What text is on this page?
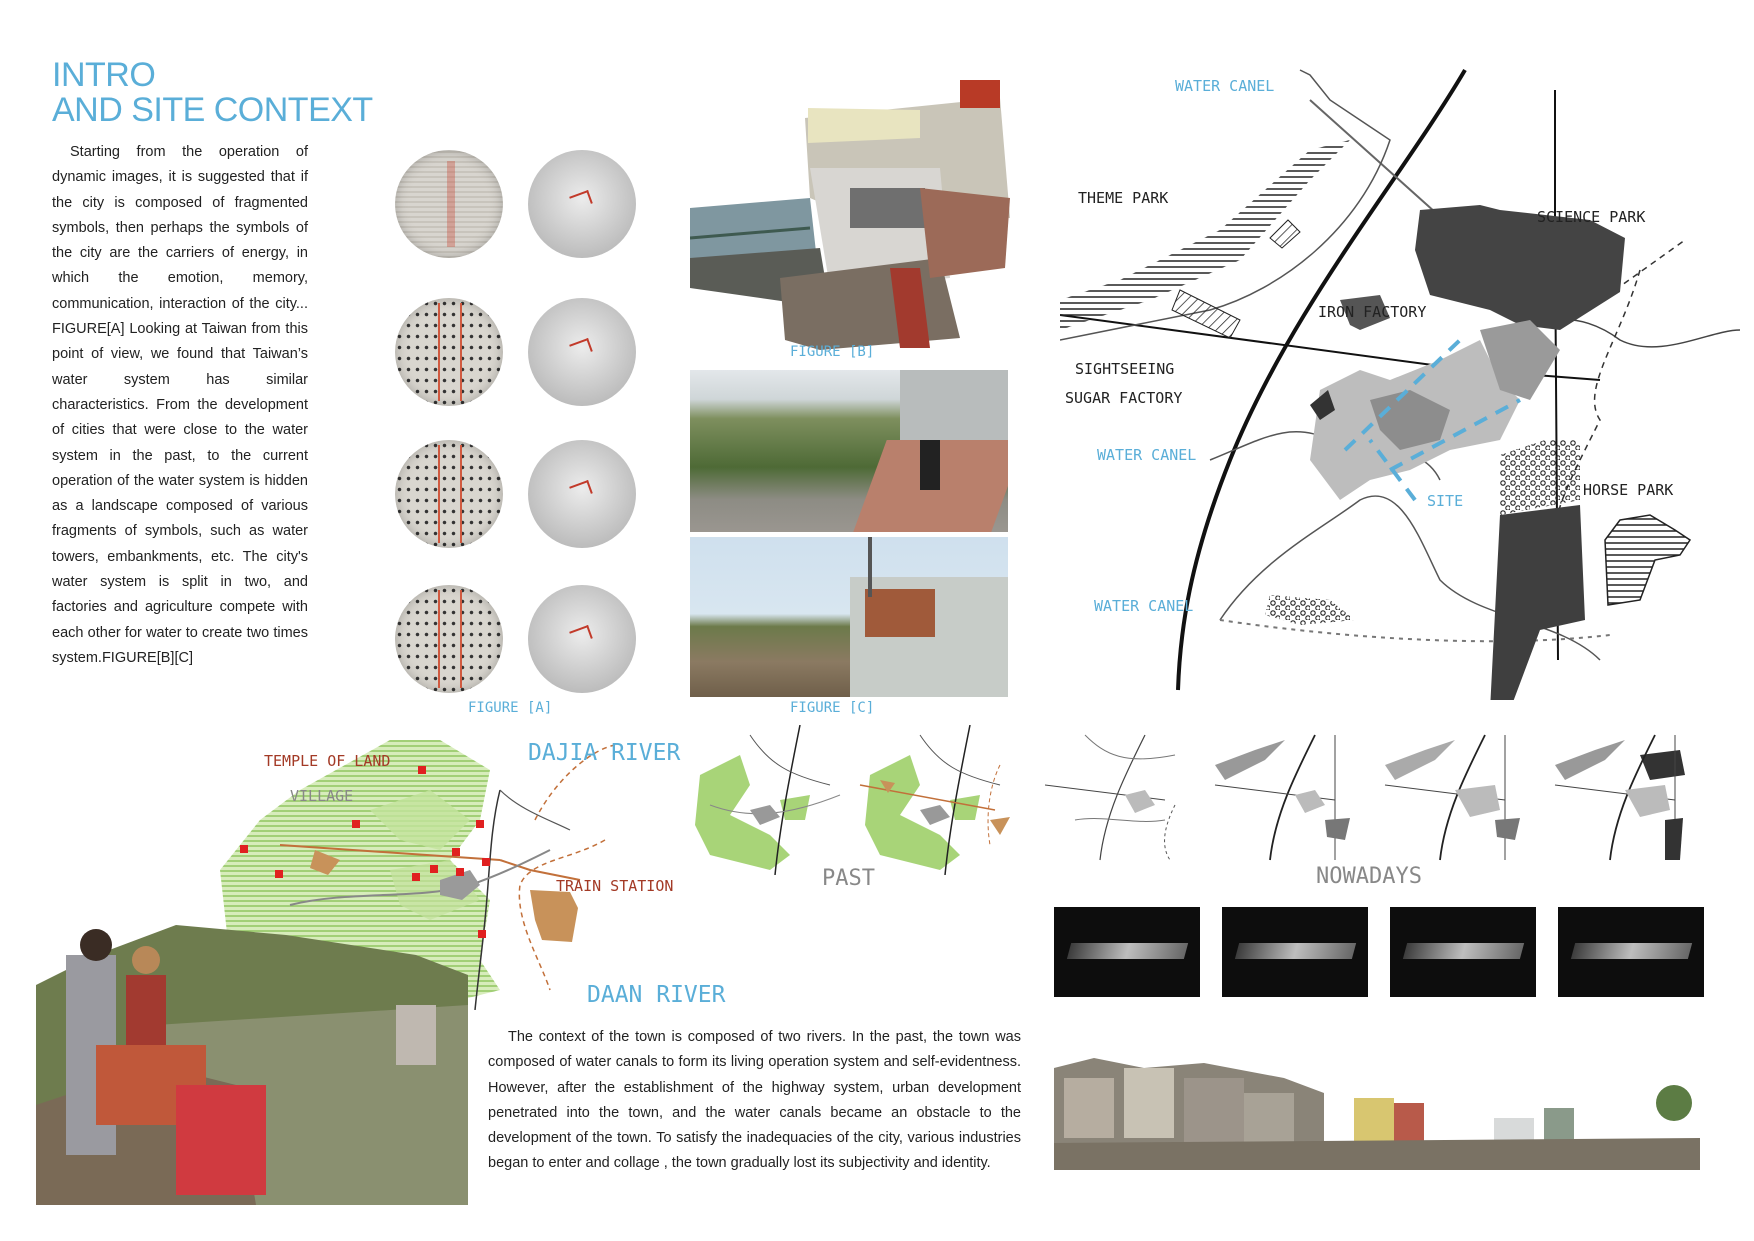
INTRO
AND SITE CONTEXT
Starting from the operation of dynamic images, it is suggested that if the city is composed of fragmented symbols, then perhaps the symbols of the city are the carriers of energy, in which the emotion, memory, communication, interaction of the city... FIGURE[A] Looking at Taiwan from this point of view, we found that Taiwan’s water system has similar characteristics. From the development of cities that were close to the water system in the past, to the current operation of the water system is hidden as a landscape composed of various fragments of symbols, such as water towers, embankments, etc. The city's water system is split in two, and factories and agriculture compete with each other for water to create two times system.FIGURE[B][C]
FIGURE [A]
FIGURE [B]
FIGURE [C]
WATER CANEL
THEME PARK
SCIENCE PARK
IRON FACTORY
SIGHTSEEING
SUGAR FACTORY
WATER CANEL
SITE
HORSE PARK
WATER CANEL
TEMPLE OF LAND
VILLAGE
DAJIA RIVER
TRAIN STATION
DAAN RIVER
PAST	NOWADAYS
The context of the town is composed of two rivers. In the past, the town was composed of water canals to form its living operation system and self-evidentness. However, after the establishment of the highway system, urban development penetrated into the town, and the water canals became an obstacle to the development of the town. To satisfy the inadequacies of the city, various industries began to enter and collage , the town gradually lost its subjectivity and identity.
